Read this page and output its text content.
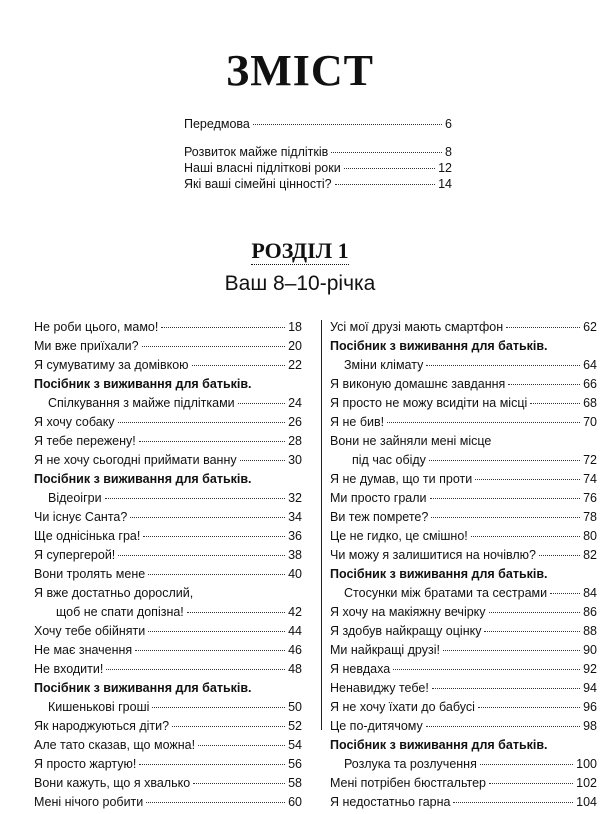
ЗМІСТ
Передмова	6
Розвиток майже підлітків	8
Наші власні підліткові роки	12
Які ваші сімейні цінності?	14
РОЗДІЛ 1
Ваш 8–10-річка
Не роби цього, мамо!	18
Ми вже приїхали?	20
Я сумуватиму за домівкою	22
Посібник з виживання для батьків.
Спілкування з майже підлітками	24
Я хочу собаку	26
Я тебе пережену!	28
Я не хочу сьогодні приймати ванну	30
Посібник з виживання для батьків.
Відеоігри	32
Чи існує Санта?	34
Ще однісінька гра!	36
Я супергерой!	38
Вони тролять мене	40
Я вже достатньо дорослий,
щоб не спати допізна!	42
Хочу тебе обійняти	44
Не має значення	46
Не входити!	48
Посібник з виживання для батьків.
Кишенькові гроші	50
Як народжуються діти?	52
Але тато сказав, що можна!	54
Я просто жартую!	56
Вони кажуть, що я хвалько	58
Мені нічого робити	60
Усі мої друзі мають смартфон	62
Посібник з виживання для батьків.
Зміни клімату	64
Я виконую домашнє завдання	66
Я просто не можу всидіти на місці	68
Я не бив!	70
Вони не зайняли мені місце
під час обіду	72
Я не думав, що ти проти	74
Ми просто грали	76
Ви теж помрете?	78
Це не гидко, це смішно!	80
Чи можу я залишитися на ночівлю?	82
Посібник з виживання для батьків.
Стосунки між братами та сестрами	84
Я хочу на макіяжну вечірку	86
Я здобув найкращу оцінку	88
Ми найкращі друзі!	90
Я невдаха	92
Ненавиджу тебе!	94
Я не хочу їхати до бабусі	96
Це по-дитячому	98
Посібник з виживання для батьків.
Розлука та розлучення	100
Мені потрібен бюстгальтер	102
Я недостатньо гарна	104
